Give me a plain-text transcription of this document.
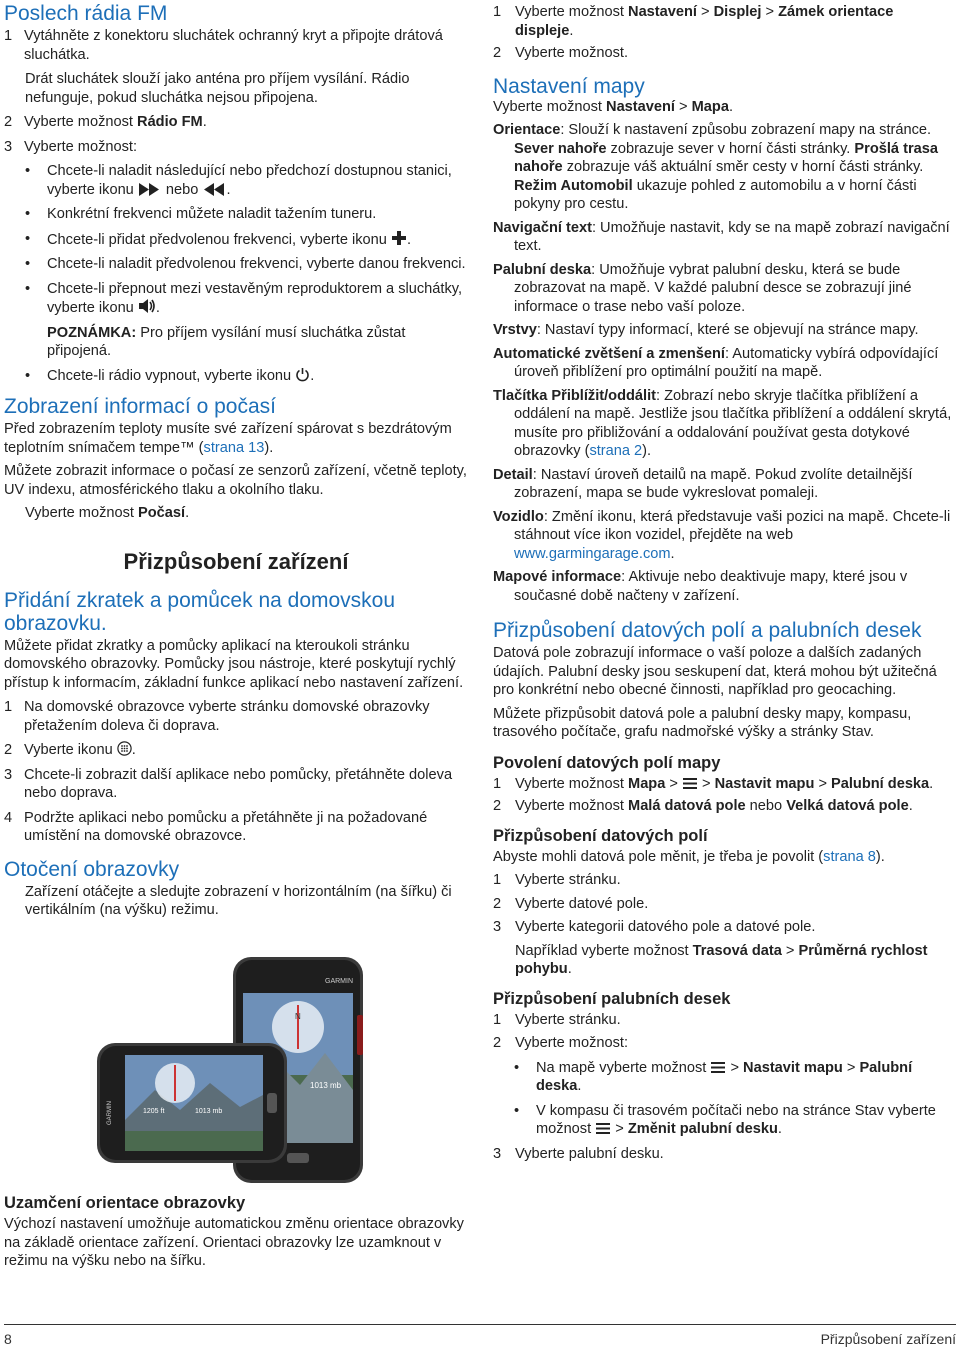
Poslech rádia FM
1 Vytáhněte z konektoru sluchátek ochranný kryt a připojte drátová sluchátka.

Drát sluchátek slouží jako anténa pro příjem vysílání. Rádio nefunguje, pokud sluchátka nejsou připojena.

2 Vyberte možnost Rádio FM.
3 Vyberte možnost:
• Chcete-li naladit následující nebo předchozí dostupnou stanici, vyberte ikonu  nebo .
• Konkrétní frekvenci můžete naladit tažením tuneru.
• Chcete-li přidat předvolenou frekvenci, vyberte ikonu .
• Chcete-li naladit předvolenou frekvenci, vyberte danou frekvenci.
• Chcete-li přepnout mezi vestavěným reproduktorem a sluchátky, vyberte ikonu .
POZNÁMKA: Pro příjem vysílání musí sluchátka zůstat připojená.
• Chcete-li rádio vypnout, vyberte ikonu .
Zobrazení informací o počasí

Před zobrazením teploty musíte své zařízení spárovat s bezdrátovým teplotním snímačem tempe™ (strana 13).

Můžete zobrazit informace o počasí ze senzorů zařízení, včetně teploty, UV indexu, atmosférického tlaku a okolního tlaku.

Vyberte možnost Počasí.

Přizpůsobení zařízení
Přidání zkratek a pomůcek na domovskou obrazovku.

Můžete přidat zkratky a pomůcky aplikací na kteroukoli stránku domovského obrazovky. Pomůcky jsou nástroje, které poskytují rychlý přístup k informacím, základní funkce aplikací nebo nastavení zařízení.

1 Na domovské obrazovce vyberte stránku domovské obrazovky přetažením doleva či doprava.
2 Vyberte ikonu .
3 Chcete-li zobrazit další aplikace nebo pomůcky, přetáhněte doleva nebo doprava.
4 Podržte aplikaci nebo pomůcku a přetáhněte ji na požadované umístění na domovské obrazovce.
Otočení obrazovky

Zařízení otáčejte a sledujte zobrazení v horizontálním (na šířku) či vertikálním (na výšku) režimu.

N
1013 mb
GARMIN
1205 ft	1013 mb
GARMIN
Uzamčení orientace obrazovky

Výchozí nastavení umožňuje automatickou změnu orientace obrazovky na základě orientace zařízení. Orientaci obrazovky lze uzamknout v režimu na výšku nebo na šířku.

1 Vyberte možnost Nastavení > Displej > Zámek orientace displeje.
2 Vyberte možnost.
Nastavení mapy

Vyberte možnost Nastavení > Mapa.

Orientace: Slouží k nastavení způsobu zobrazení mapy na stránce. Sever nahoře zobrazuje sever v horní části stránky. Prošlá trasa nahoře zobrazuje váš aktuální směr cesty v horní části stránky. Režim Automobil ukazuje pohled z automobilu a v horní části pokyny pro cestu.

Navigační text: Umožňuje nastavit, kdy se na mapě zobrazí navigační text.

Palubní deska: Umožňuje vybrat palubní desku, která se bude zobrazovat na mapě. V každé palubní desce se zobrazují jiné informace o trase nebo vaší poloze.

Vrstvy: Nastaví typy informací, které se objevují na stránce mapy.

Automatické zvětšení a zmenšení: Automaticky vybírá odpovídající úroveň přiblížení pro optimální použití na mapě.

Tlačítka Přiblížit/oddálit: Zobrazí nebo skryje tlačítka přiblížení a oddálení na mapě. Jestliže jsou tlačítka přiblížení a oddálení skrytá, musíte pro přibližování a oddalování používat gesta dotykové obrazovky (strana 2).

Detail: Nastaví úroveň detailů na mapě. Pokud zvolíte detailnější zobrazení, mapa se bude vykreslovat pomaleji.

Vozidlo: Změní ikonu, která představuje vaši pozici na mapě. Chcete-li stáhnout více ikon vozidel, přejděte na web www.garmingarage.com.

Mapové informace: Aktivuje nebo deaktivuje mapy, které jsou v současné době načteny v zařízení.

Přizpůsobení datových polí a palubních desek

Datová pole zobrazují informace o vaší poloze a dalších zadaných údajích. Palubní desky jsou seskupení dat, která mohou být užitečná pro konkrétní nebo obecné činnosti, například pro geocaching.

Můžete přizpůsobit datová pole a palubní desky mapy, kompasu, trasového počítače, grafu nadmořské výšky a stránky Stav.

Povolení datových polí mapy
1 Vyberte možnost Mapa >  > Nastavit mapu > Palubní deska.
2 Vyberte možnost Malá datová pole nebo Velká datová pole.
Přizpůsobení datových polí

Abyste mohli datová pole měnit, je třeba je povolit (strana 8).

1 Vyberte stránku.
2 Vyberte datové pole.
3 Vyberte kategorii datového pole a datové pole.

Například vyberte možnost Trasová data > Průměrná rychlost pohybu.

Přizpůsobení palubních desek
1 Vyberte stránku.
2 Vyberte možnost:
• Na mapě vyberte možnost  > Nastavit mapu > Palubní deska.
• V kompasu či trasovém počítači nebo na stránce Stav vyberte možnost  > Změnit palubní desku.
3 Vyberte palubní desku.
8	Přizpůsobení zařízení
